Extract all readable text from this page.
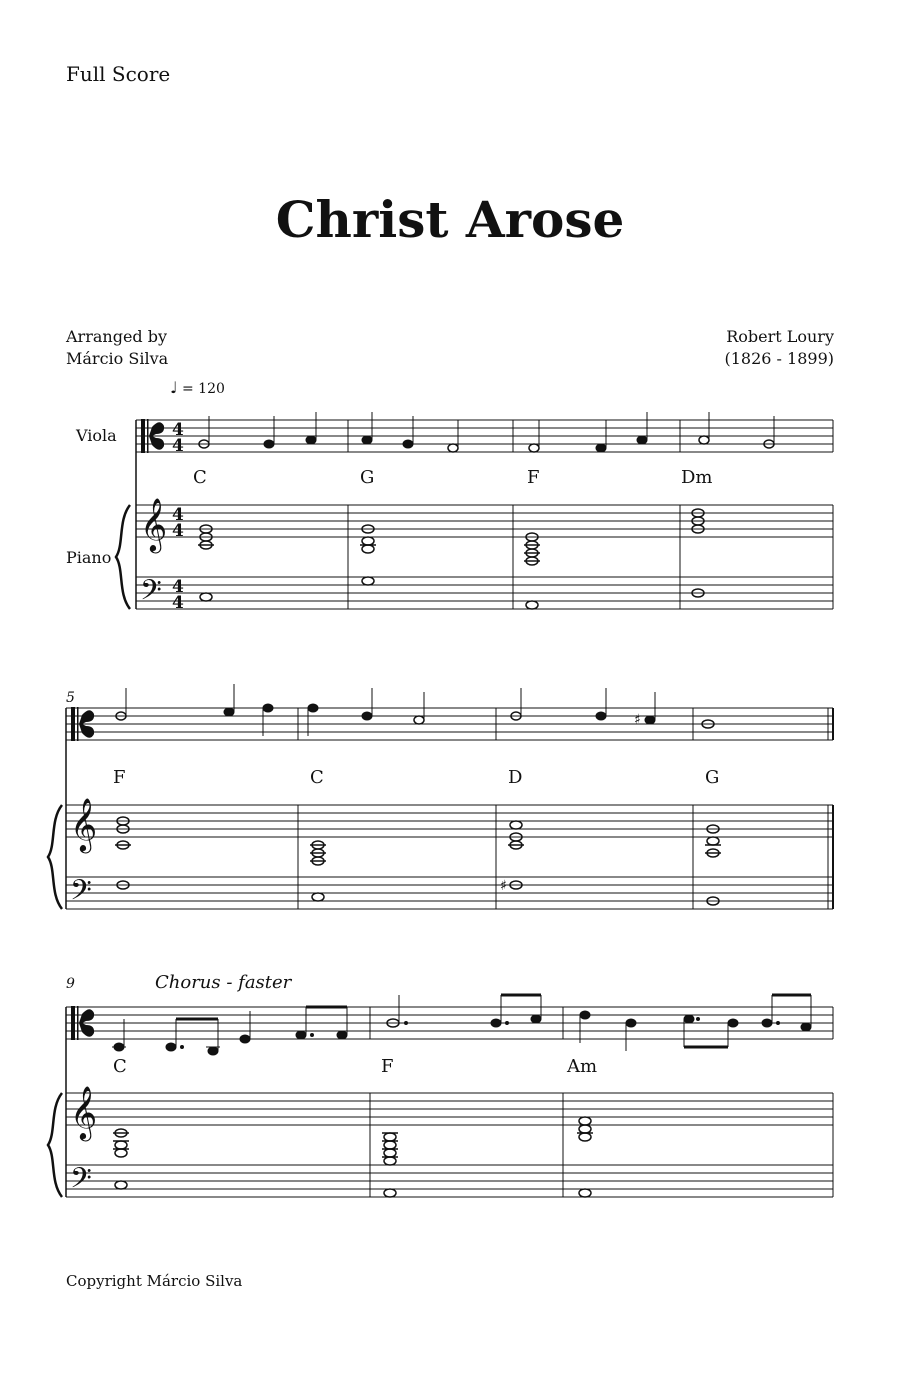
Full Score
Christ Arose
Arranged by
Márcio Silva
Robert Loury
(1826 - 1899)
♩ = 120
Viola
Piano
5
9	Chorus - faster
C	G	F	Dm
F	C	D	G
C	F	Am
𝄞
𝄢
4
4
4
4
4
4
𝄞
𝄢
♯
♯
𝄞
𝄢
Copyright Márcio Silva
